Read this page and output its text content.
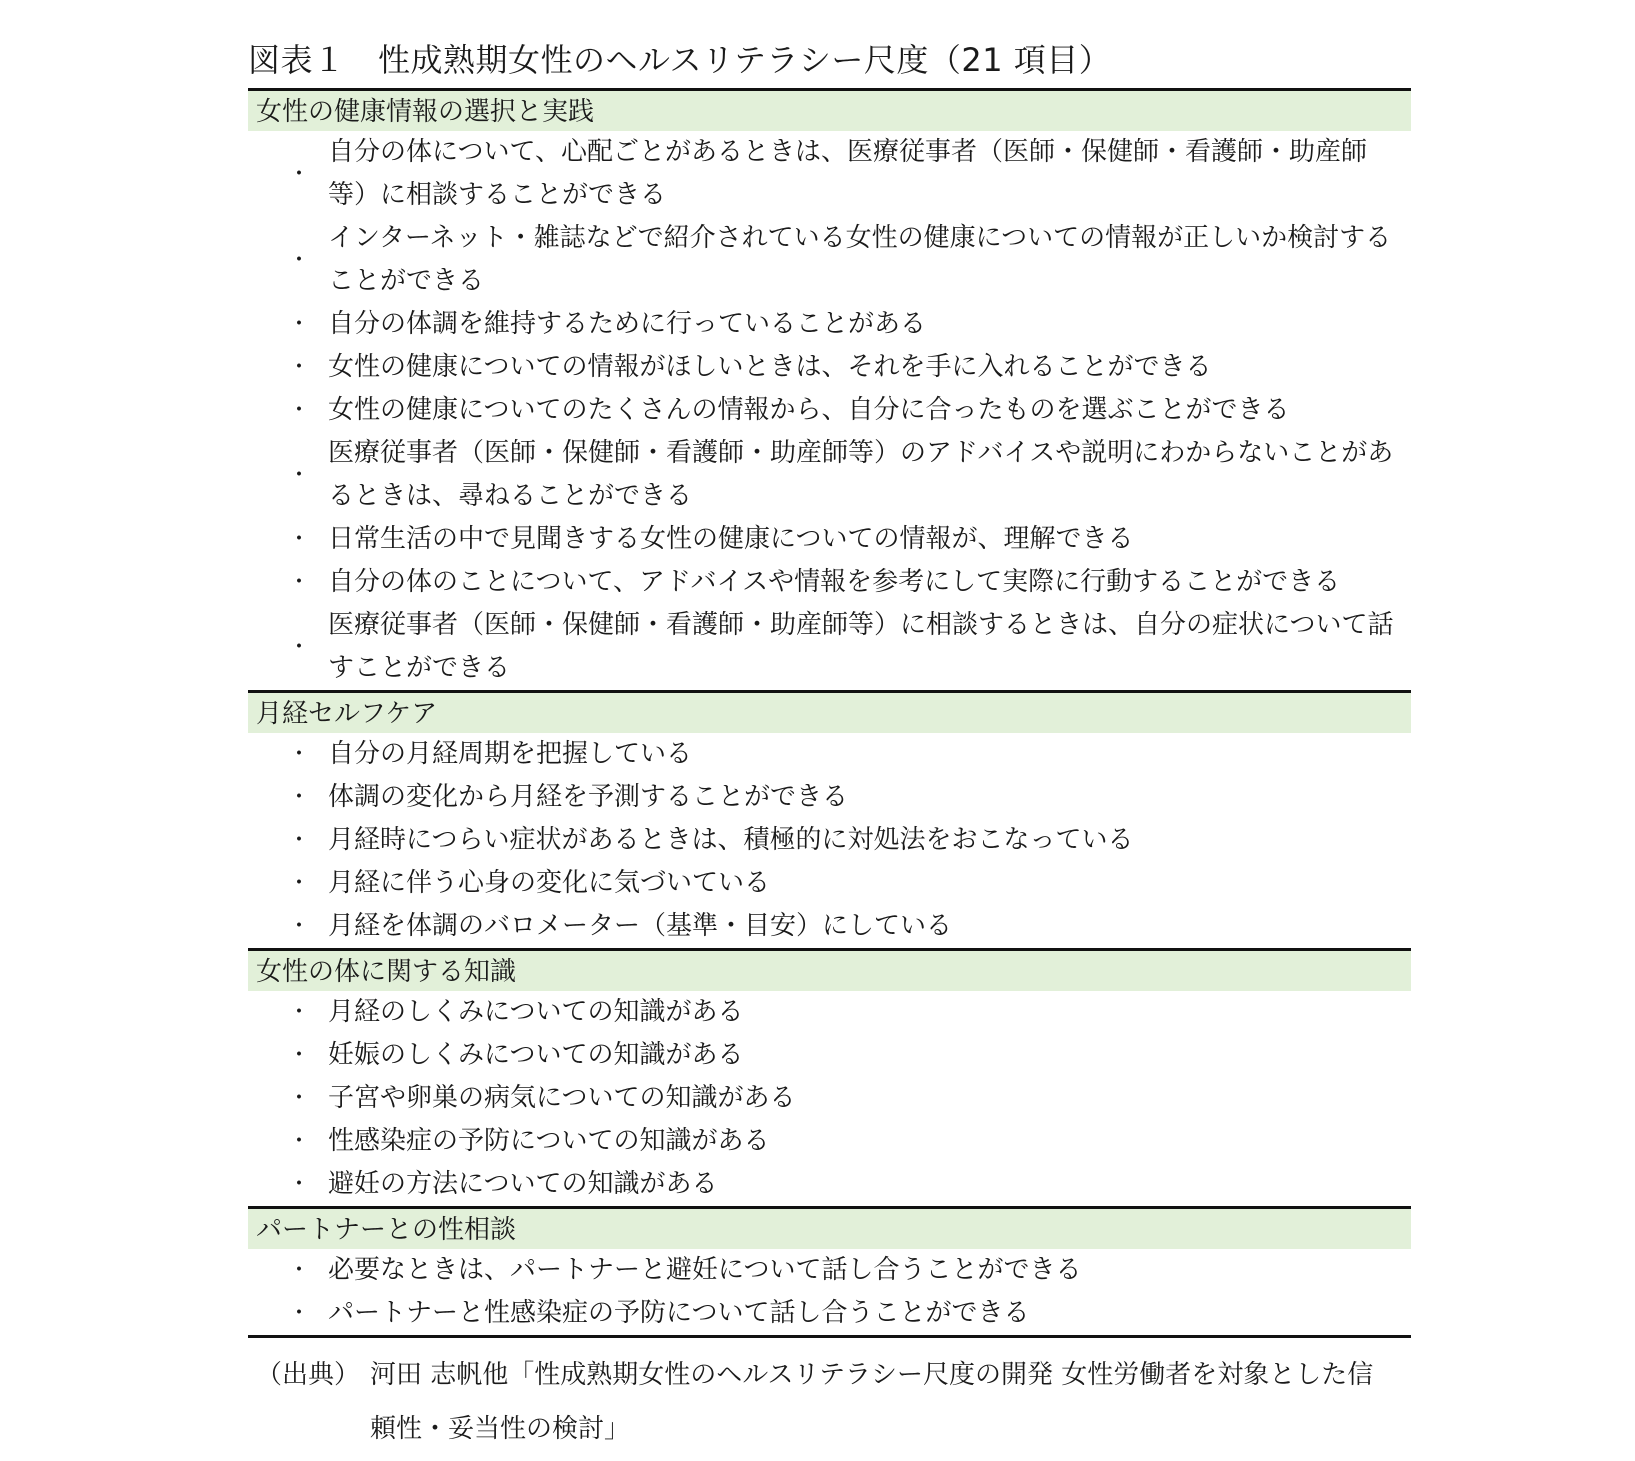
図表１　性成熟期女性のヘルスリテラシー尺度（21 項目）
女性の健康情報の選択と実践
・
自分の体について、心配ごとがあるときは、医療従事者（医師・保健師・看護師・助産師等）に相談することができる
・
インターネット・雑誌などで紹介されている女性の健康についての情報が正しいか検討することができる
・ 自分の体調を維持するために行っていることがある
・ 女性の健康についての情報がほしいときは、それを手に入れることができる
・ 女性の健康についてのたくさんの情報から、自分に合ったものを選ぶことができる
・
医療従事者（医師・保健師・看護師・助産師等）のアドバイスや説明にわからないことがあるときは、尋ねることができる
・ 日常生活の中で見聞きする女性の健康についての情報が、理解できる
・ 自分の体のことについて、アドバイスや情報を参考にして実際に行動することができる
・
医療従事者（医師・保健師・看護師・助産師等）に相談するときは、自分の症状について話すことができる
月経セルフケア
・ 自分の月経周期を把握している
・ 体調の変化から月経を予測することができる
・ 月経時につらい症状があるときは、積極的に対処法をおこなっている
・ 月経に伴う心身の変化に気づいている
・ 月経を体調のバロメーター（基準・目安）にしている
女性の体に関する知識
・ 月経のしくみについての知識がある
・ 妊娠のしくみについての知識がある
・ 子宮や卵巣の病気についての知識がある
・ 性感染症の予防についての知識がある
・ 避妊の方法についての知識がある
パートナーとの性相談
・ 必要なときは、パートナーと避妊について話し合うことができる
・ パートナーと性感染症の予防について話し合うことができる
（出典） 河田 志帆他「性成熟期女性のヘルスリテラシー尺度の開発 女性労働者を対象とした信頼性・妥当性の検討」
